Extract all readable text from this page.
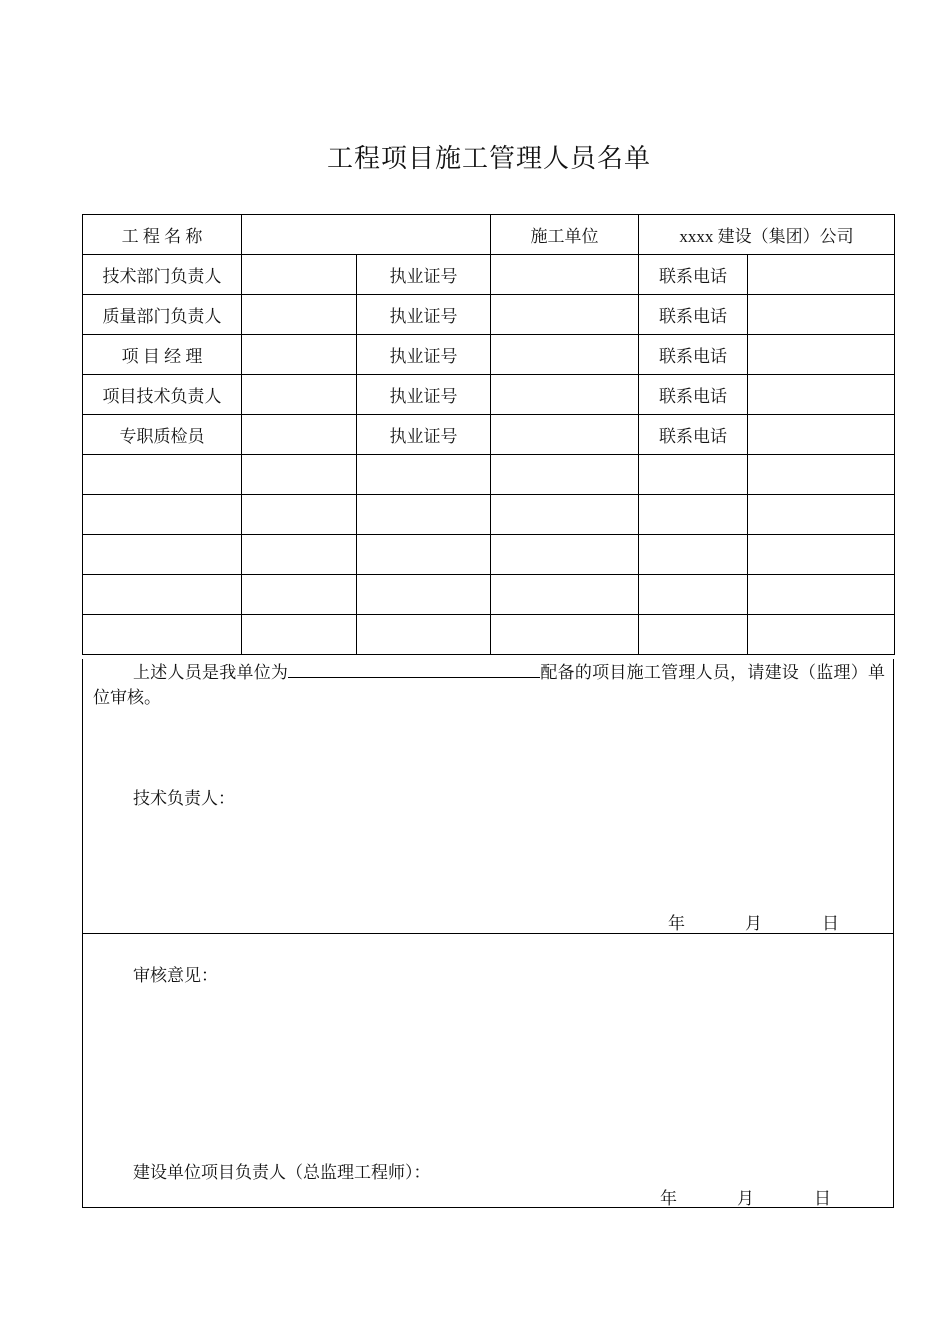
工程项目施工管理人员名单
工 程 名 称			施工单位	xxxx 建设（集团）公司	
技术部门负责人		执业证号		联系电话	
质量部门负责人		执业证号		联系电话	
项 目 经 理		执业证号		联系电话	
项目技术负责人		执业证号		联系电话	
专职质检员		执业证号		联系电话	

上述人员是我单位为	配备的项目施工管理人员，请建设（监理）单位审核。
技术负责人：
年	月	日
审核意见：
建设单位项目负责人（总监理工程师）：
年	月	日
